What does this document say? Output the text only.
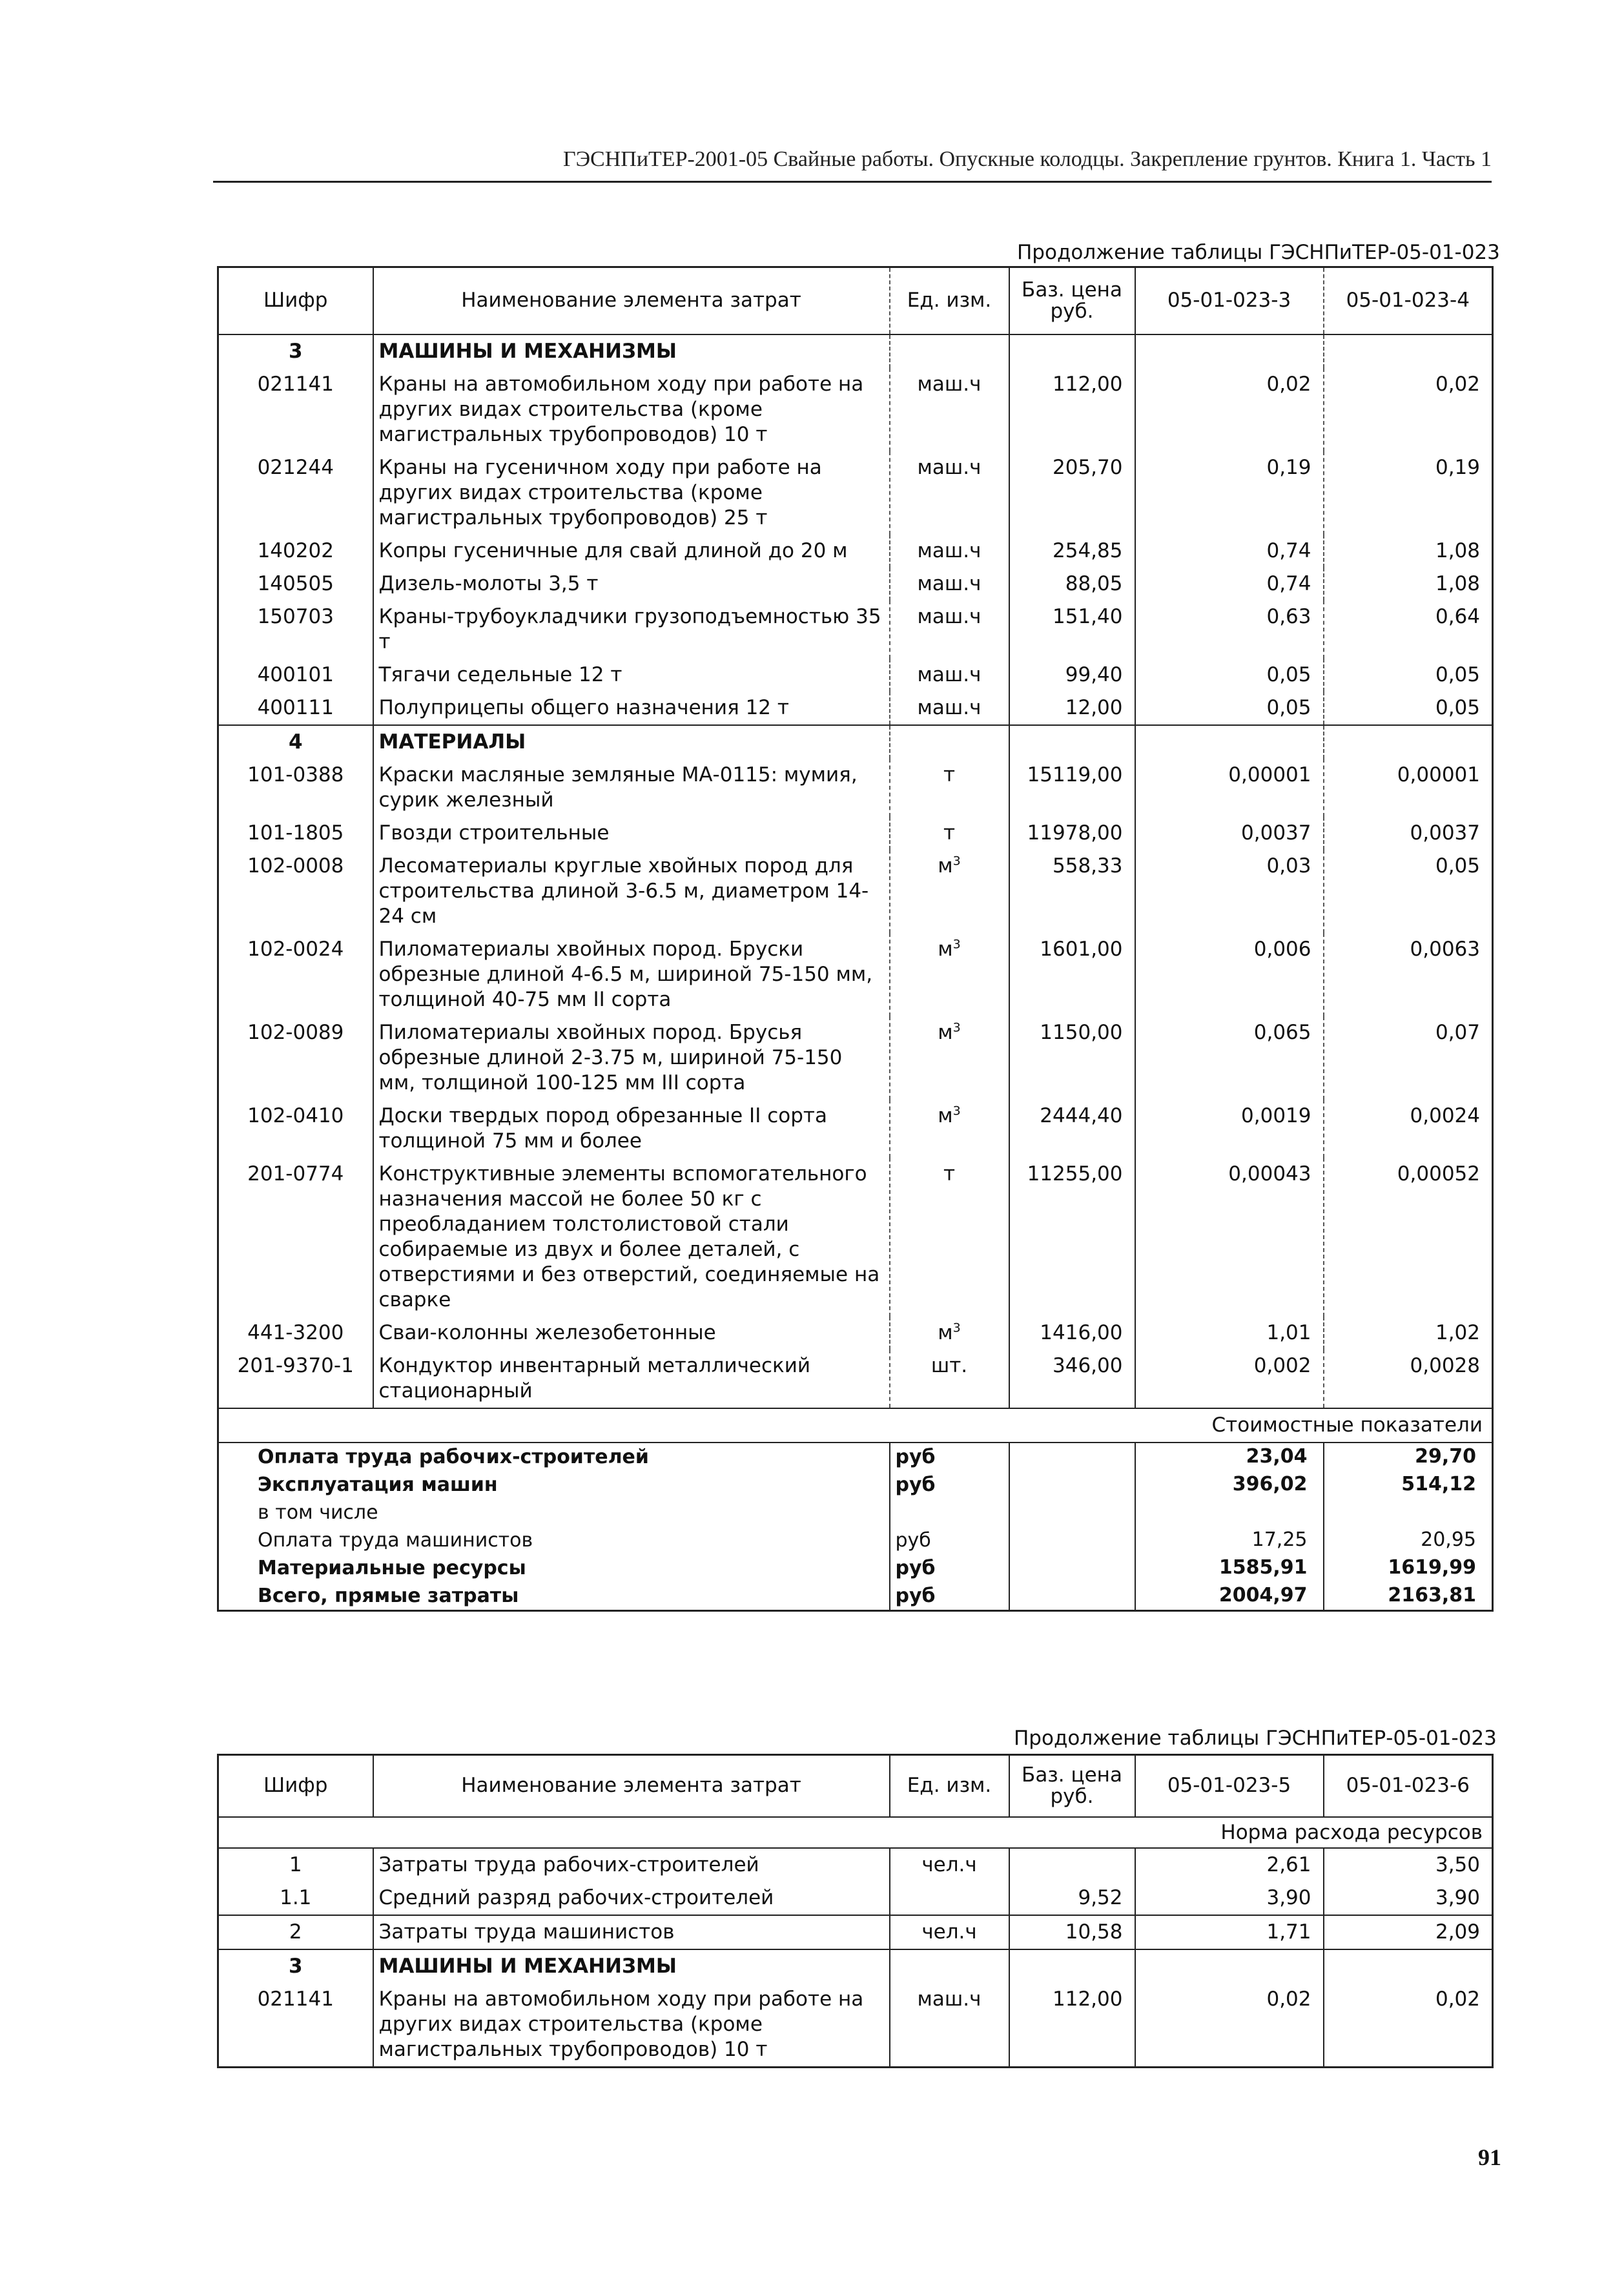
ГЭСНПиТЕР-2001-05 Свайные работы. Опускные колодцы. Закрепление грунтов. Книга 1. Часть 1
Продолжение таблицы ГЭСНПиТЕР-05-01-023
Шифр	Наименование элемента затрат	Ед. изм.	Баз. цена руб.	05-01-023-3	05-01-023-4
3	МАШИНЫ И МЕХАНИЗМЫ				
021141	Краны на автомобильном ходу при работе на других видах строительства (кроме магистральных трубопроводов) 10 т	маш.ч	112,00	0,02	0,02
021244	Краны на гусеничном ходу при работе на других видах строительства (кроме магистральных трубопроводов) 25 т	маш.ч	205,70	0,19	0,19
140202	Копры гусеничные для свай длиной до 20 м	маш.ч	254,85	0,74	1,08
140505	Дизель-молоты 3,5 т	маш.ч	88,05	0,74	1,08
150703	Краны-трубоукладчики грузоподъемностью 35 т	маш.ч	151,40	0,63	0,64
400101	Тягачи седельные 12 т	маш.ч	99,40	0,05	0,05
400111	Полуприцепы общего назначения 12 т	маш.ч	12,00	0,05	0,05
4	МАТЕРИАЛЫ				
101-0388	Краски масляные земляные МА-0115: мумия, сурик железный	т	15119,00	0,00001	0,00001
101-1805	Гвозди строительные	т	11978,00	0,0037	0,0037
102-0008	Лесоматериалы круглые хвойных пород для строительства длиной 3-6.5 м, диаметром 14-24 см	$м^3$	558,33	0,03	0,05
102-0024	Пиломатериалы хвойных пород. Бруски обрезные длиной 4-6.5 м, шириной 75-150 мм, толщиной 40-75 мм II сорта	$м^3$	1601,00	0,006	0,0063
102-0089	Пиломатериалы хвойных пород. Брусья обрезные длиной 2-3.75 м, шириной 75-150 мм, толщиной 100-125 мм III сорта	$м^3$	1150,00	0,065	0,07
102-0410	Доски твердых пород обрезанные II сорта толщиной 75 мм и более	$м^3$	2444,40	0,0019	0,0024
201-0774	Конструктивные элементы вспомогательного назначения массой не более 50 кг с преобладанием толстолистовой стали собираемые из двух и более деталей, с отверстиями и без отверстий, соединяемые на сварке	т	11255,00	0,00043	0,00052
441-3200	Сваи-колонны железобетонные	$м^3$	1416,00	1,01	1,02
201-9370-1	Кондуктор инвентарный металлический стационарный	шт.	346,00	0,002	0,0028
Стоимостные показатели					
Оплата труда рабочих-строителей		руб		23,04	29,70
Эксплуатация машин		руб		396,02	514,12
в том числе					
Оплата труда машинистов		руб		17,25	20,95
Материальные ресурсы		руб		1585,91	1619,99
Всего, прямые затраты		руб		2004,97	2163,81
Продолжение таблицы ГЭСНПиТЕР-05-01-023
Шифр	Наименование элемента затрат	Ед. изм.	Баз. цена руб.	05-01-023-5	05-01-023-6
Норма расхода ресурсов					
1	Затраты труда рабочих-строителей	чел.ч		2,61	3,50
1.1	Средний разряд рабочих-строителей		9,52	3,90	3,90
2	Затраты труда машинистов	чел.ч	10,58	1,71	2,09
3	МАШИНЫ И МЕХАНИЗМЫ				
021141	Краны на автомобильном ходу при работе на других видах строительства (кроме магистральных трубопроводов) 10 т	маш.ч	112,00	0,02	0,02
91
